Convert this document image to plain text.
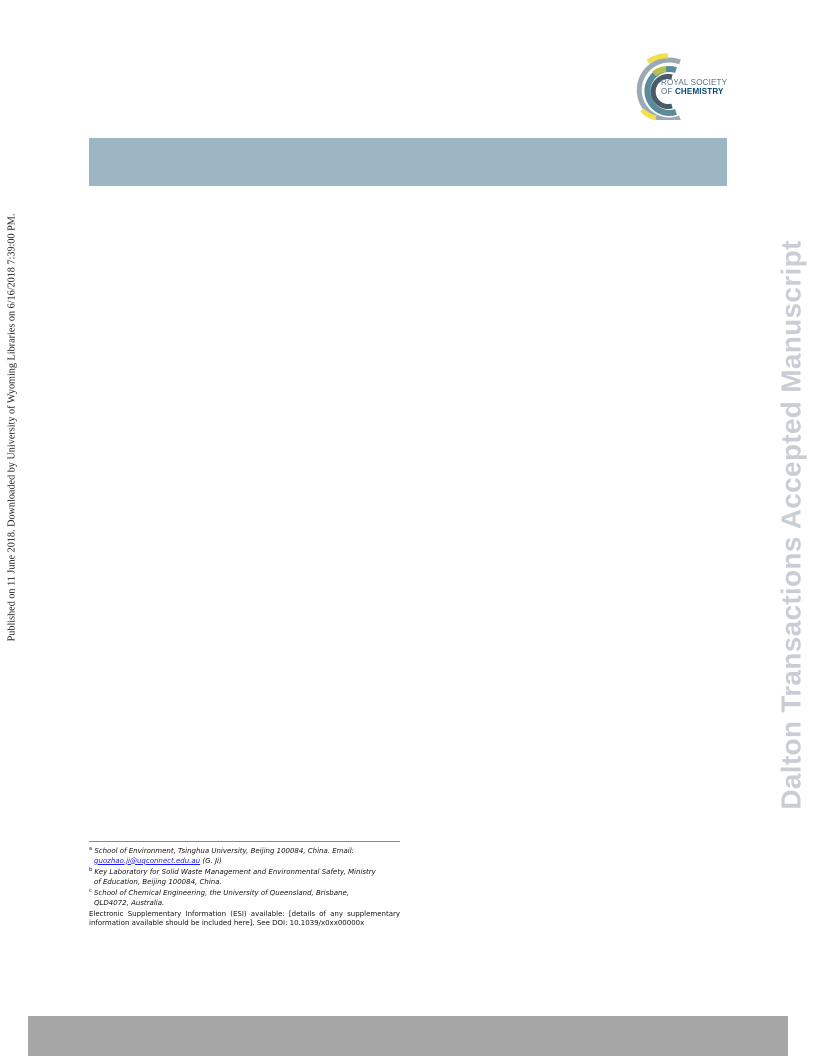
Published on 11 June 2018. Downloaded by University of Wyoming Libraries on 6/16/2018 7:39:00 PM.	Dalton Transactions Accepted Manuscript
ROYAL SOCIETY
OF CHEMISTRY
$^a$ School of Environment, Tsinghua University, Beijing 100084, China. Email:
guozhao.ji@uqconnect.edu.au (G. Ji)
$^b$ Key Laboratory for Solid Waste Management and Environmental Safety, Ministry
of Education, Beijing 100084, China.
$^c$ School of Chemical Engineering, the University of Queensland, Brisbane,
QLD4072, Australia.
Electronic Supplementary Information (ESI) available: [details of any supplementary information available should be included here]. See DOI: 10.1039/x0xx00000x
